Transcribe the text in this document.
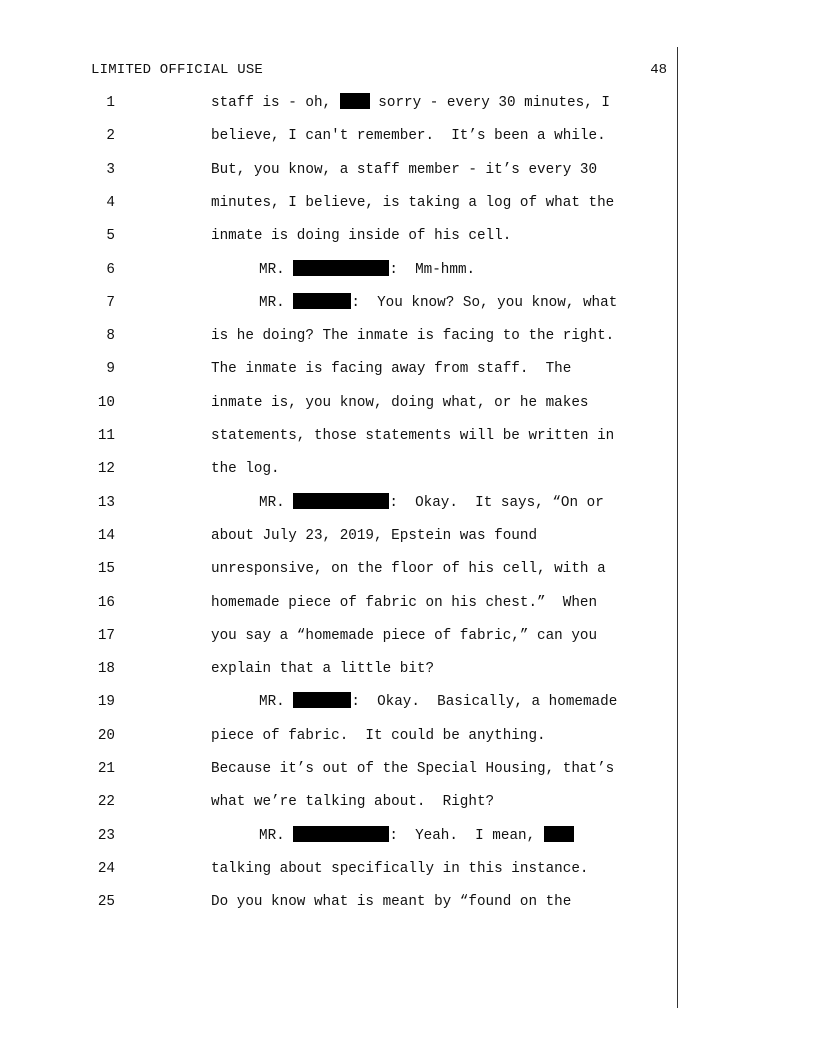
LIMITED OFFICIAL USE	48
1	staff is - oh,  sorry - every 30 minutes, I
2	believe, I can't remember.  It’s been a while.
3	But, you know, a staff member - it’s every 30
4	minutes, I believe, is taking a log of what the
5	inmate is doing inside of his cell.
6	MR.	:  Mm-hmm.
7	MR.	:  You know? So, you know, what
8	is he doing? The inmate is facing to the right.
9	The inmate is facing away from staff.  The
10	inmate is, you know, doing what, or he makes
11	statements, those statements will be written in
12	the log.
13	MR.	:  Okay.  It says, “On or
14	about July 23, 2019, Epstein was found
15	unresponsive, on the floor of his cell, with a
16	homemade piece of fabric on his chest.”  When
17	you say a “homemade piece of fabric,” can you
18	explain that a little bit?
19	MR.	:  Okay.  Basically, a homemade
20	piece of fabric.  It could be anything.
21	Because it’s out of the Special Housing, that’s
22	what we’re talking about.  Right?
23	MR.	:  Yeah.  I mean,
24	talking about specifically in this instance.
25	Do you know what is meant by “found on the
